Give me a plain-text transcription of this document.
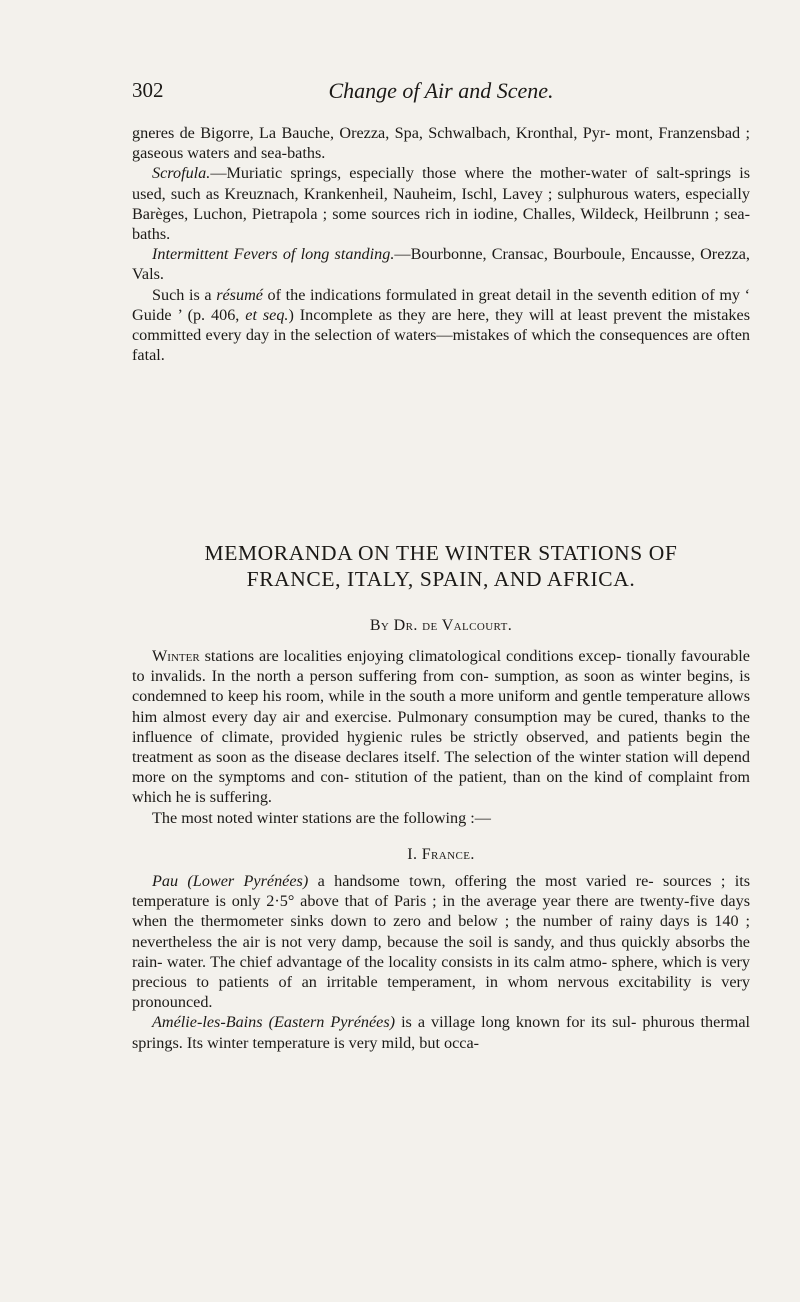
302	Change of Air and Scene.

gneres de Bigorre, La Bauche, Orezza, Spa, Schwalbach, Kronthal, Pyr- mont, Franzensbad ; gaseous waters and sea-baths.

Scrofula.—Muriatic springs, especially those where the mother-water of salt-springs is used, such as Kreuznach, Krankenheil, Nauheim, Ischl, Lavey ; sulphurous waters, especially Barèges, Luchon, Pietrapola ; some sources rich in iodine, Challes, Wildeck, Heilbrunn ; sea-baths.

Intermittent Fevers of long standing.—Bourbonne, Cransac, Bourboule, Encausse, Orezza, Vals.

Such is a résumé of the indications formulated in great detail in the seventh edition of my ‘ Guide ’ (p. 406, et seq.) Incomplete as they are here, they will at least prevent the mistakes committed every day in the selection of waters—mistakes of which the consequences are often fatal.

MEMORANDA ON THE WINTER STATIONS OF
FRANCE, ITALY, SPAIN, AND AFRICA.
By Dr. de Valcourt.

Winter stations are localities enjoying climatological conditions excep- tionally favourable to invalids. In the north a person suffering from con- sumption, as soon as winter begins, is condemned to keep his room, while in the south a more uniform and gentle temperature allows him almost every day air and exercise. Pulmonary consumption may be cured, thanks to the influence of climate, provided hygienic rules be strictly observed, and patients begin the treatment as soon as the disease declares itself. The selection of the winter station will depend more on the symptoms and con- stitution of the patient, than on the kind of complaint from which he is suffering.

The most noted winter stations are the following :—

I. France.

Pau (Lower Pyrénées) a handsome town, offering the most varied re- sources ; its temperature is only 2·5° above that of Paris ; in the average year there are twenty-five days when the thermometer sinks down to zero and below ; the number of rainy days is 140 ; nevertheless the air is not very damp, because the soil is sandy, and thus quickly absorbs the rain- water. The chief advantage of the locality consists in its calm atmo- sphere, which is very precious to patients of an irritable temperament, in whom nervous excitability is very pronounced.

Amélie-les-Bains (Eastern Pyrénées) is a village long known for its sul- phurous thermal springs. Its winter temperature is very mild, but occa-
